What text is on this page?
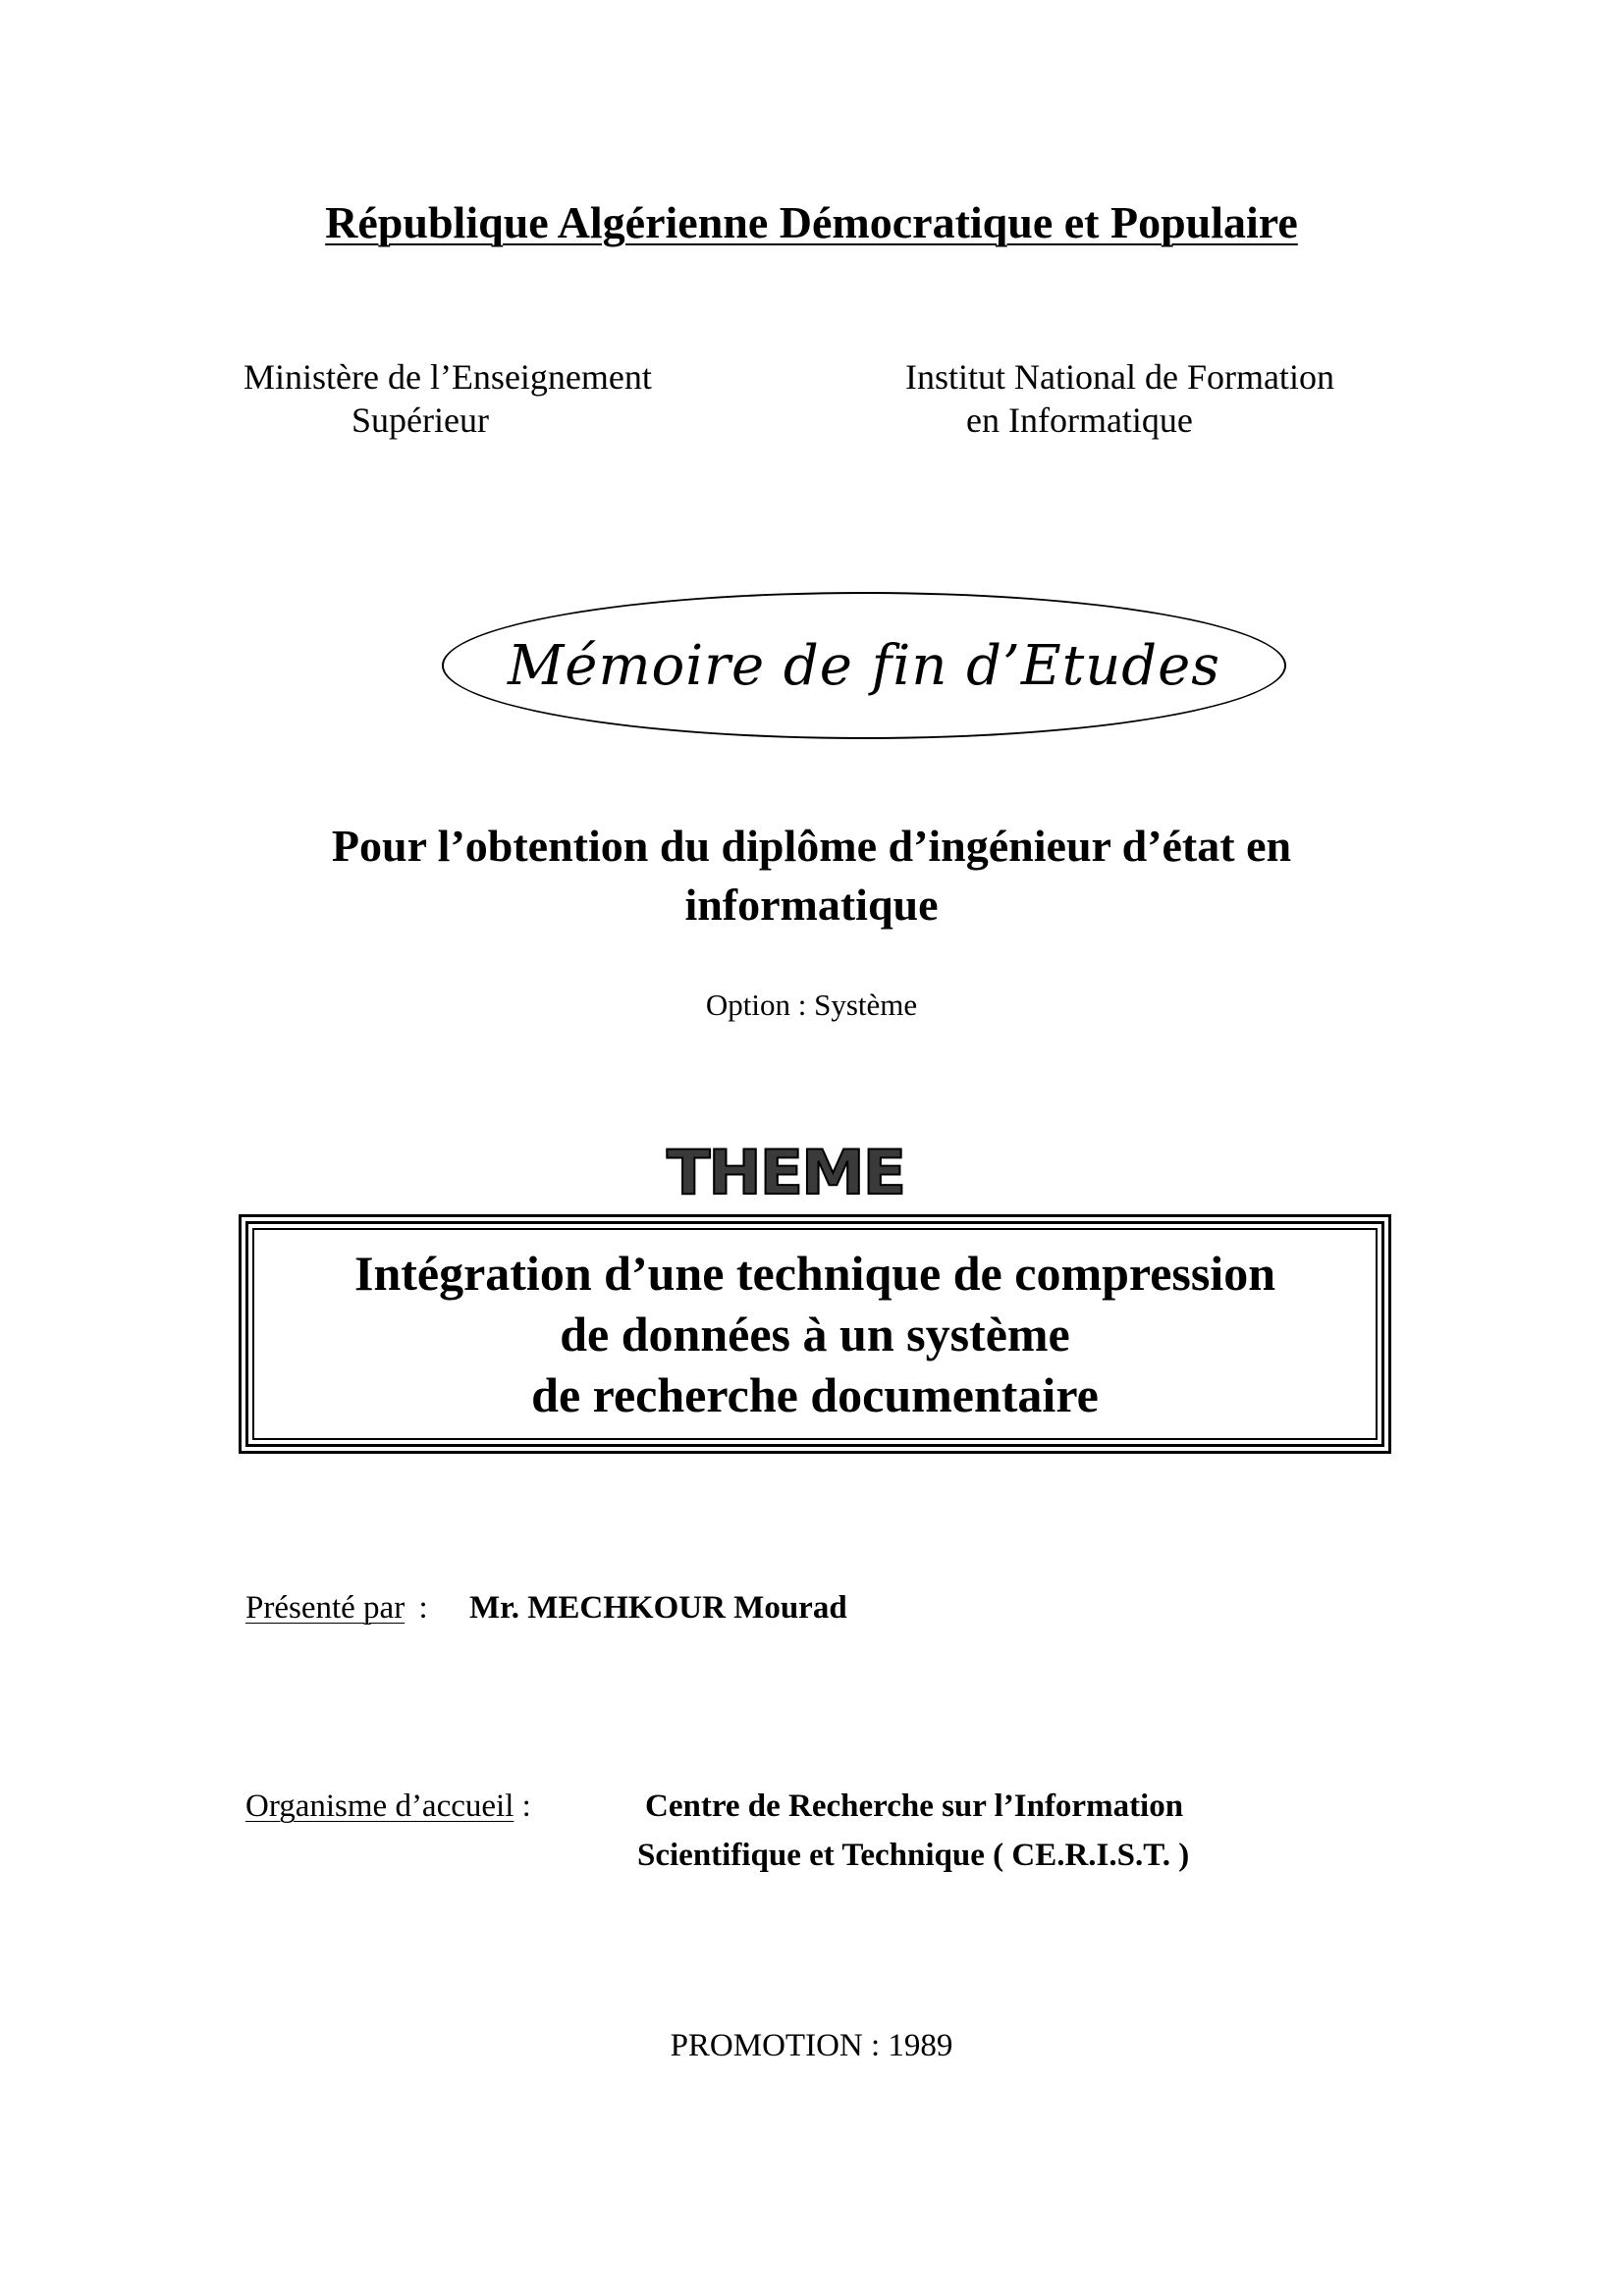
République Algérienne Démocratique et Populaire
Ministère de l’Enseignement
Supérieur
Institut National de Formation
en Informatique
Mémoire de fin d’Etudes
Pour l’obtention du diplôme d’ingénieur d’état en
informatique
Option : Système
THEME
Intégration d’une technique de compression
de données à un système
de recherche documentaire
Présenté par : Mr. MECHKOUR Mourad
Organisme d’accueil :	Centre de Recherche sur l’Information
Scientifique et Technique ( CE.R.I.S.T. )
PROMOTION : 1989
